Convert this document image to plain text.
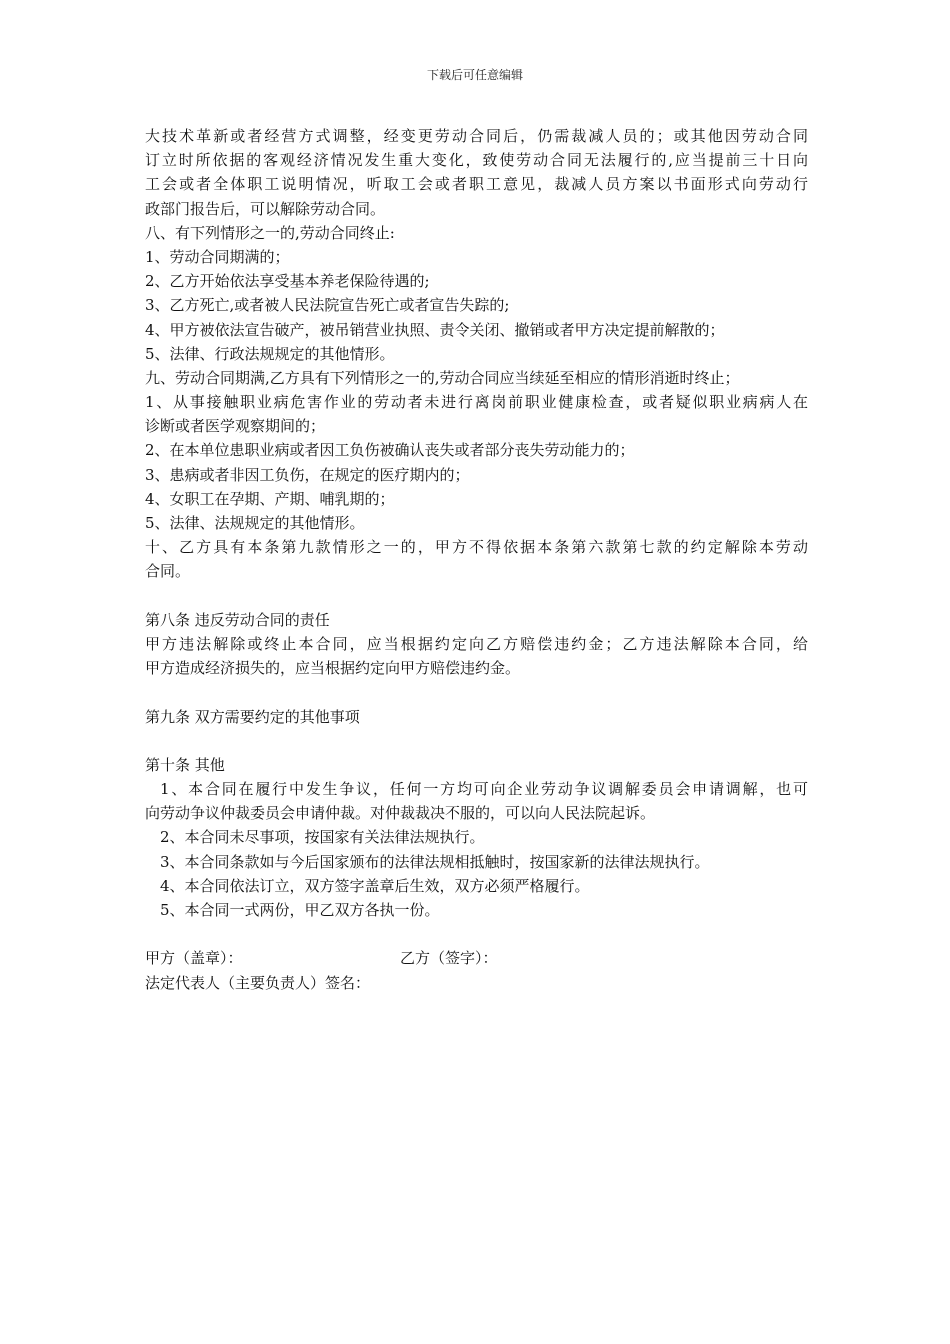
下载后可任意编辑
大技术革新或者经营方式调整，经变更劳动合同后，仍需裁减人员的；或其他因劳动合同
订立时所依据的客观经济情况发生重大变化，致使劳动合同无法履行的,应当提前三十日向
工会或者全体职工说明情况，听取工会或者职工意见，裁减人员方案以书面形式向劳动行
政部门报告后，可以解除劳动合同。
八、有下列情形之一的,劳动合同终止:
1、劳动合同期满的；
2、乙方开始依法享受基本养老保险待遇的;
3、乙方死亡,或者被人民法院宣告死亡或者宣告失踪的;
4、甲方被依法宣告破产，被吊销营业执照、责令关闭、撤销或者甲方决定提前解散的；
5、法律、行政法规规定的其他情形。
九、劳动合同期满,乙方具有下列情形之一的,劳动合同应当续延至相应的情形消逝时终止；
1、从事接触职业病危害作业的劳动者未进行离岗前职业健康检查，或者疑似职业病病人在
诊断或者医学观察期间的；
2、在本单位患职业病或者因工负伤被确认丧失或者部分丧失劳动能力的；
3、患病或者非因工负伤，在规定的医疗期内的；
4、女职工在孕期、产期、哺乳期的；
5、法律、法规规定的其他情形。
十、乙方具有本条第九款情形之一的，甲方不得依据本条第六款第七款的约定解除本劳动
合同。
第八条 违反劳动合同的责任
甲方违法解除或终止本合同，应当根据约定向乙方赔偿违约金；乙方违法解除本合同，给
甲方造成经济损失的，应当根据约定向甲方赔偿违约金。
第九条 双方需要约定的其他事项
第十条 其他
1、本合同在履行中发生争议，任何一方均可向企业劳动争议调解委员会申请调解，也可
向劳动争议仲裁委员会申请仲裁。对仲裁裁决不服的，可以向人民法院起诉。
2、本合同未尽事项，按国家有关法律法规执行。
3、本合同条款如与今后国家颁布的法律法规相抵触时，按国家新的法律法规执行。
4、本合同依法订立，双方签字盖章后生效，双方必须严格履行。
5、本合同一式两份，甲乙双方各执一份。
甲方（盖章）：	乙方（签字）：
法定代表人（主要负责人）签名：
